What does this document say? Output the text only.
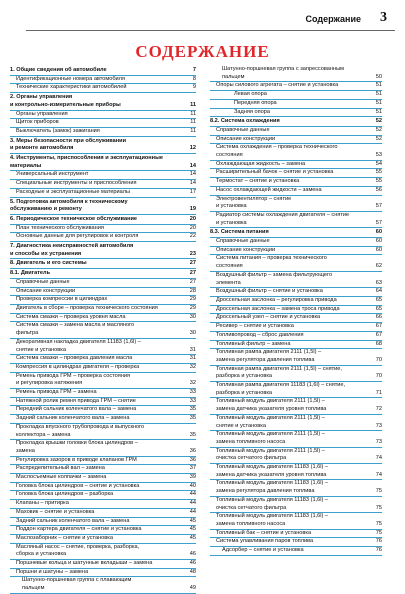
Содержание 3
СОДЕРЖАНИЕ
1. Общие сведения об автомобиле	7
Идентификационные номера автомобиля	8
Технические характеристики автомобилей	9
2. Органы управления
и контрольно-измерительные приборы	11
Органы управления	11
Щиток приборов	11
Выключатель (замок) зажигания	11
3. Меры безопасности при обслуживании
и ремонте автомобиля	12
4. Инструменты, приспособления и эксплуатационные
материалы	14
Универсальный инструмент	14
Специальные инструменты и приспособления	14
Расходные и эксплуатационные материалы	17
5. Подготовка автомобиля к техническому
обслуживанию и ремонту	19
6. Периодическое техническое обслуживание	20
План технического обслуживания	20
Основные данные для регулировок и контроля	22
7. Диагностика неисправностей автомобиля
и способы их устранения	23
8. Двигатель и его системы	27
8.1. Двигатель	27
Справочные данные	27
Описание конструкции	28
Проверка компрессии в цилиндрах	29
Двигатель в сборе – проверка технического состояния	29
Система смазки – проверка уровня масла	30
Система смазки – замена масла и масляного
фильтра	30
Декоративная накладка двигателя 11183 (1,6l) –
снятие и установка	31
Система смазки – проверка давления масла	31
Компрессия в цилиндрах двигателя – проверка	32
Ремень привода ГРМ – проверка состояния
и регулировка натяжения	32
Ремень привода ГРМ – замена	33
Натяжной ролик ремня привода ГРМ – снятие	33
Передний сальник коленчатого вала – замена	35
Задний сальник коленчатого вала – замена	35
Прокладка впускного трубопровода и выпускного
коллектора – замена	35
Прокладка крышки головки блока цилиндров –
замена	36
Регулировка зазоров в приводе клапанов ГРМ	36
Распределительный вал – замена	37
Маслосъемные колпачки – замена	39
Головка блока цилиндров – снятие и установка	40
Головка блока цилиндров – разборка	44
Клапаны – притирка	44
Маховик – снятие и установка	44
Задний сальник коленчатого вала – замена	45
Поддон картера двигателя – снятие и установка	45
Маслозаборник – снятие и установка	45
Масляный насос – снятие, проверка, разборка,
сборка и установка	46
Поршневые кольца и шатунные вкладыши – замена	46
Поршни и шатуны – замена	48
Шатунно-поршневая группа с плавающим
пальцем	49
Шатунно-поршневая группа с запрессованным
пальцем	50
Опоры силового агрегата – снятие и установка	51
Левая опора	51
Передняя опора	51
Задняя опора	51
8.2. Система охлаждения	52
Справочные данные	52
Описание конструкции	52
Система охлаждения – проверка технического
состояния	53
Охлаждающая жидкость – замена	54
Расширительный бачок – снятие и установка	55
Термостат – снятие и установка	55
Насос охлаждающей жидкости – замена	56
Электровентилятор – снятие
и установка	57
Радиатор системы охлаждения двигателя – снятие
и установка	57
8.3. Система питания	60
Справочные данные	60
Описание конструкции	60
Система питания – проверка технического
состояния	62
Воздушный фильтр – замена фильтрующего
элемента	63
Воздушный фильтр – снятие и установка	64
Дроссельная заслонка – регулировка привода	65
Дроссельная заслонка – замена троса привода	65
Дроссельный узел – снятие и установка	66
Ресивер – снятие и установка	67
Топливопровод – сброс давления	67
Топливный фильтр – замена	68
Топливная рампа двигателя 2111 (1,5l) –
замена регулятора давления топлива	70
Топливная рампа двигателя 2111 (1,5l) – снятие,
разборка и установка	70
Топливная рампа двигателя 11183 (1,6l) – снятие,
разборка и установка	71
Топливный модуль двигателя 2111 (1,5l) –
замена датчика указателя уровня топлива	72
Топливный модуль двигателя 2111 (1,5l) –
снятие и установка	73
Топливный модуль двигателя 2111 (1,5l) –
замена топливного насоса	73
Топливный модуль двигателя 2111 (1,5l) –
очистка сетчатого фильтра	74
Топливный модуль двигателя 11183 (1,6l) –
замена датчика указателя уровня топлива	74
Топливный модуль двигателя 11183 (1,6l) –
замена регулятора давления топлива	75
Топливный модуль двигателя 11183 (1,6l) –
очистка сетчатого фильтра	75
Топливный модуль двигателя 11183 (1,6l) –
замена топливного насоса	75
Топливный бак – снятие и установка	75
Система улавливания паров топлива	76
Адсорбер – снятие и установка	76
